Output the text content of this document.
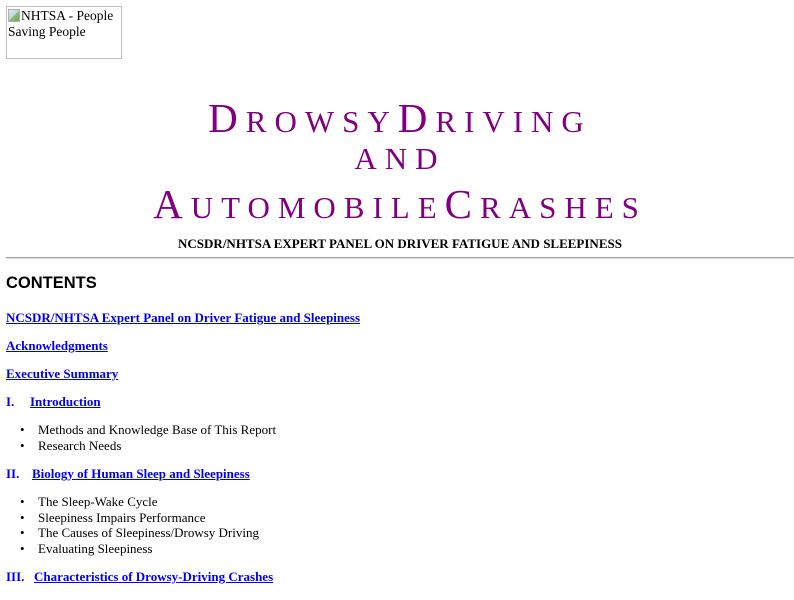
NHTSA - People Saving People
DROWSYDRIVING
AND
AUTOMOBILECRASHES
NCSDR/NHTSA EXPERT PANEL ON DRIVER FATIGUE AND SLEEPINESS
CONTENTS
NCSDR/NHTSA Expert Panel on Driver Fatigue and Sleepiness
Acknowledgments
Executive Summary
I. Introduction
• Methods and Knowledge Base of This Report
• Research Needs
II. Biology of Human Sleep and Sleepiness
• The Sleep-Wake Cycle
• Sleepiness Impairs Performance
• The Causes of Sleepiness/Drowsy Driving
• Evaluating Sleepiness
III. Characteristics of Drowsy-Driving Crashes
